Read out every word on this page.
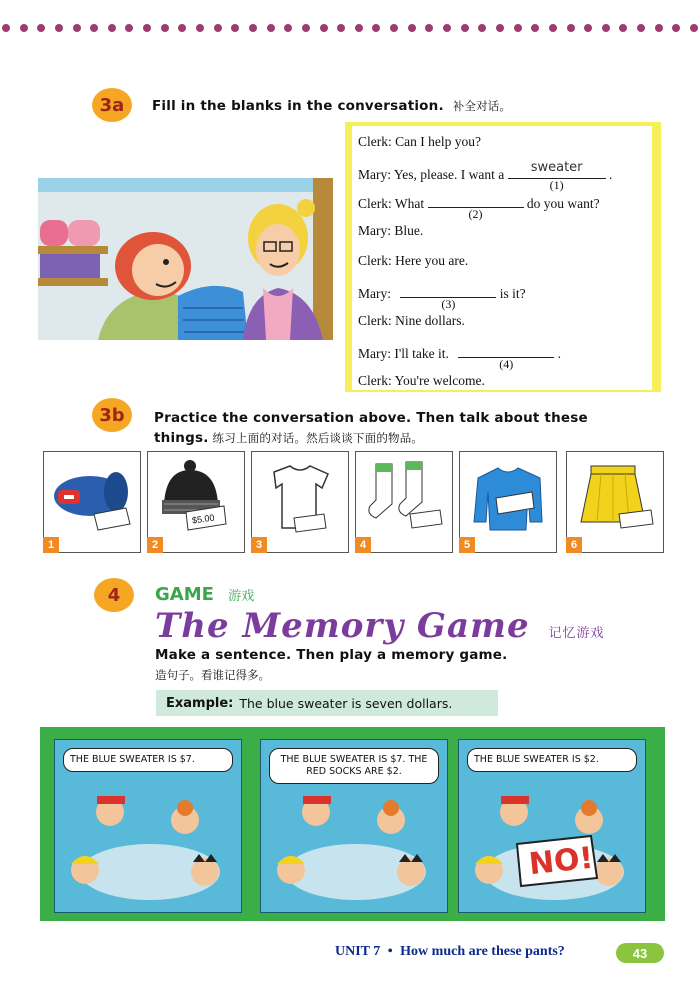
3a	Fill in the blanks in the conversation. 补全对话。
Clerk: Can I help you?
Mary: Yes, please. I want a	sweater
(1)
.
Clerk: What
(2)
do you want?
Mary: Blue.
Clerk: Here you are.
Mary:
(3)
is it?
Clerk: Nine dollars.
Mary: I'll take it.
(4)
.
Clerk: You're welcome.
3b	Practice the conversation above. Then talk about these
things. 练习上面的对话。然后谈谈下面的物品。
1
$5.00
2	3	4	5	6
4	GAME 游戏
The Memory Game 记忆游戏
Make a sentence. Then play a memory game.
造句子。看谁记得多。
Example: The blue sweater is seven dollars.
THE BLUE SWEATER IS $7.	THE BLUE SWEATER IS $7. THE RED SOCKS ARE $2.
THE BLUE SWEATER IS $2.
NO!
UNIT 7 • How much are these pants?	43
